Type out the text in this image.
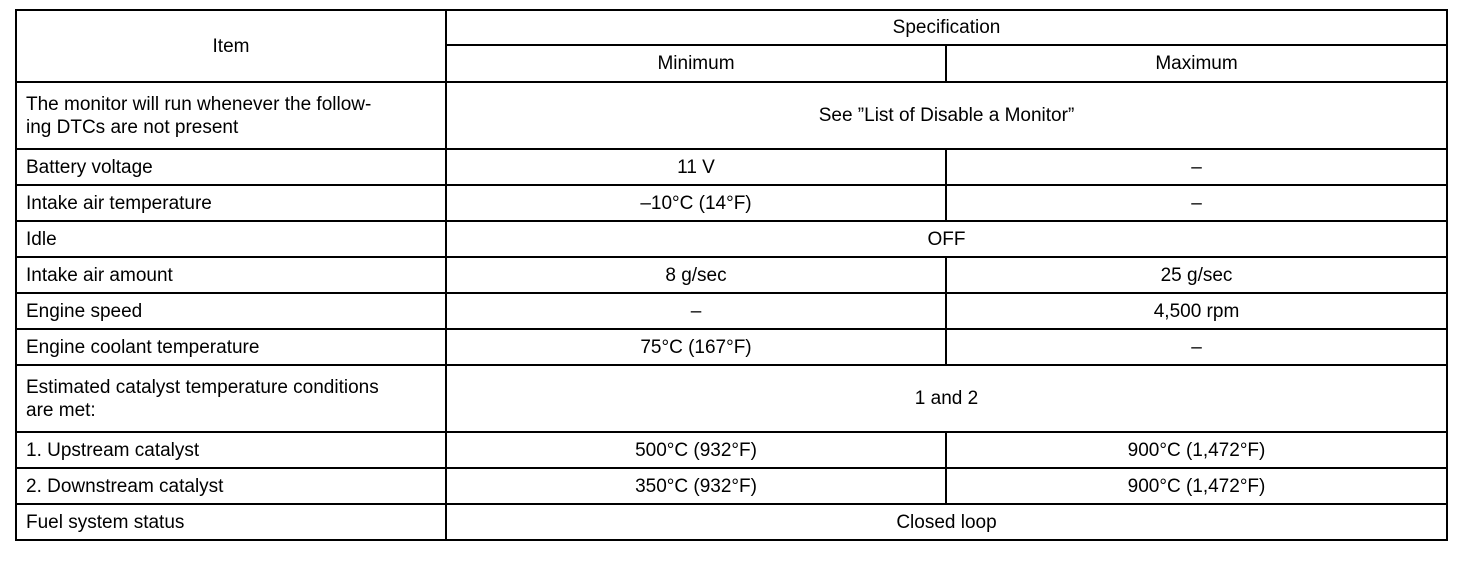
Item	Specification	
	Minimum	Maximum
The monitor will run whenever the follow-
ing DTCs are not present	See ”List of Disable a Monitor”	
Battery voltage	11 V	–
Intake air temperature	–10°C (14°F)	–
Idle	OFF	
Intake air amount	8 g/sec	25 g/sec
Engine speed	–	4,500 rpm
Engine coolant temperature	75°C (167°F)	–
Estimated catalyst temperature conditions
are met:	1 and 2	
1. Upstream catalyst	500°C (932°F)	900°C (1,472°F)
2. Downstream catalyst	350°C (932°F)	900°C (1,472°F)
Fuel system status	Closed loop	
